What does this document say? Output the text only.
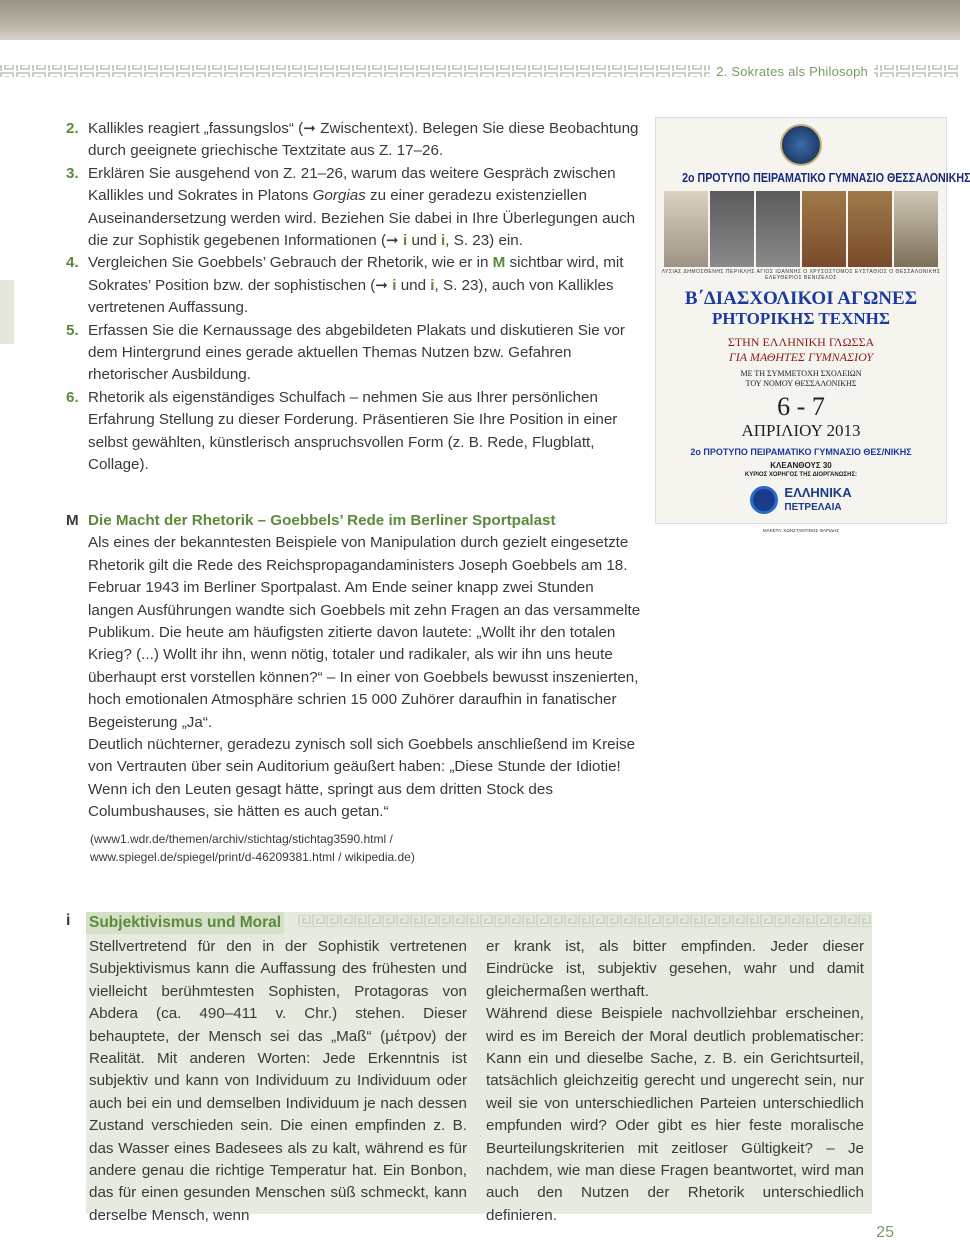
2. Sokrates als Philosoph
2. Kallikles reagiert „fassungslos“ (➞ Zwischentext). Belegen Sie diese Beobachtung durch geeignete griechische Textzitate aus Z. 17–26.
3. Erklären Sie ausgehend von Z. 21–26, warum das weitere Gespräch zwischen Kallikles und Sokrates in Platons Gorgias zu einer geradezu existenziellen Auseinandersetzung werden wird. Beziehen Sie dabei in Ihre Überlegungen auch die zur Sophistik gegebenen Informationen (➞ i und i, S. 23) ein.
4. Vergleichen Sie Goebbels’ Gebrauch der Rhetorik, wie er in M sichtbar wird, mit Sokrates’ Position bzw. der sophistischen (➞ i und i, S. 23), auch von Kallikles vertretenen Auffassung.
5. Erfassen Sie die Kernaussage des abgebildeten Plakats und diskutieren Sie vor dem Hintergrund eines gerade aktuellen Themas Nutzen bzw. Gefahren rhetorischer Ausbildung.
6. Rhetorik als eigenständiges Schulfach – nehmen Sie aus Ihrer persönlichen Erfahrung Stellung zu dieser Forderung. Präsentieren Sie Ihre Position in einer selbst gewählten, künstlerisch anspruchsvollen Form (z. B. Rede, Flugblatt, Collage).
2ο ΠΡΟΤΥΠΟ ΠΕΙΡΑΜΑΤΙΚΟ ΓΥΜΝΑΣΙΟ ΘΕΣΣΑΛΟΝΙΚΗΣ
ΛΥΣΙΑΣ ΔΗΜΟΣΘΕΝΗΣ ΠΕΡΙΚΛΗΣ ΑΓΙΟΣ ΙΩΑΝΝΗΣ Ο ΧΡΥΣΟΣΤΟΜΟΣ ΕΥΣΤΑΘΙΟΣ Ο ΘΕΣΣΑΛΟΝΙΚΗΣ ΕΛΕΥΘΕΡΙΟΣ ΒΕΝΙΖΕΛΟΣ
Β΄ΔΙΑΣΧΟΛΙΚΟΙ ΑΓΩΝΕΣ
ΡΗΤΟΡΙΚΗΣ ΤΕΧΝΗΣ
ΣΤΗΝ ΕΛΛΗΝΙΚΗ ΓΛΩΣΣΑ
ΓΙΑ ΜΑΘΗΤΕΣ ΓΥΜΝΑΣΙΟΥ
ΜΕ ΤΗ ΣΥΜΜΕΤΟΧΗ ΣΧΟΛΕΙΩΝ
ΤΟΥ ΝΟΜΟΥ ΘΕΣΣΑΛΟΝΙΚΗΣ
6 - 7
ΑΠΡΙΛΙΟΥ 2013
2ο ΠΡΟΤΥΠΟ ΠΕΙΡΑΜΑΤΙΚΟ ΓΥΜΝΑΣΙΟ ΘΕΣ/ΝΙΚΗΣ
ΚΛΕΑΝΘΟΥΣ 30
ΚΥΡΙΟΣ ΧΟΡΗΓΟΣ ΤΗΣ ΔΙΟΡΓΑΝΩΣΗΣ:
ΕΛΛΗΝΙΚΑ
ΠΕΤΡΕΛΑΙΑ
ΜΑΚΕΤΑ: ΚΩΝΣΤΑΝΤΙΝΟΣ ΦΑΡΙΔΗΣ
M Die Macht der Rhetorik – Goebbels’ Rede im Berliner Sportpalast
Als eines der bekanntesten Beispiele von Manipulation durch gezielt eingesetzte Rhetorik gilt die Rede des Reichspropagandaministers Joseph Goebbels am 18. Februar 1943 im Berliner Sportpalast. Am Ende seiner knapp zwei Stunden langen Ausführungen wandte sich Goebbels mit zehn Fragen an das versammelte Publikum. Die heute am häufigsten zitierte davon lautete: „Wollt ihr den totalen Krieg? (...) Wollt ihr ihn, wenn nötig, totaler und radikaler, als wir ihn uns heute überhaupt erst vorstellen können?“ – In einer von Goebbels bewusst inszenierten, hoch emotionalen Atmosphäre schrien 15 000 Zuhörer daraufhin in fanatischer Begeisterung „Ja“.
Deutlich nüchterner, geradezu zynisch soll sich Goebbels anschließend im Kreise von Vertrauten über sein Auditorium geäußert haben: „Diese Stunde der Idiotie! Wenn ich den Leuten gesagt hätte, springt aus dem dritten Stock des Columbushauses, sie hätten es auch getan.“
(www1.wdr.de/themen/archiv/stichtag/stichtag3590.html /
www.spiegel.de/spiegel/print/d-46209381.html / wikipedia.de)
i Subjektivismus und Moral
Stellvertretend für den in der Sophistik vertretenen Subjektivismus kann die Auffassung des frühesten und vielleicht berühmtesten Sophisten, Protagoras von Abdera (ca. 490–411 v. Chr.) stehen. Dieser behauptete, der Mensch sei das „Maß“ (μέτρον) der Realität. Mit anderen Worten: Jede Erkenntnis ist subjektiv und kann von Individuum zu Individuum oder auch bei ein und demselben Individuum je nach dessen Zustand verschieden sein. Die einen empfinden z. B. das Wasser eines Badesees als zu kalt, während es für andere genau die richtige Temperatur hat. Ein Bonbon, das für einen gesunden Menschen süß schmeckt, kann derselbe Mensch, wenn

er krank ist, als bitter empfinden. Jeder dieser Eindrücke ist, subjektiv gesehen, wahr und damit gleichermaßen werthaft.

Während diese Beispiele nachvollziehbar erscheinen, wird es im Bereich der Moral deutlich problematischer: Kann ein und dieselbe Sache, z. B. ein Gerichtsurteil, tatsächlich gleichzeitig gerecht und ungerecht sein, nur weil sie von unterschiedlichen Parteien unterschiedlich empfunden wird? Oder gibt es hier feste moralische Beurteilungskriterien mit zeitloser Gültigkeit? – Je nachdem, wie man diese Fragen beantwortet, wird man auch den Nutzen der Rhetorik unterschiedlich definieren.

25
